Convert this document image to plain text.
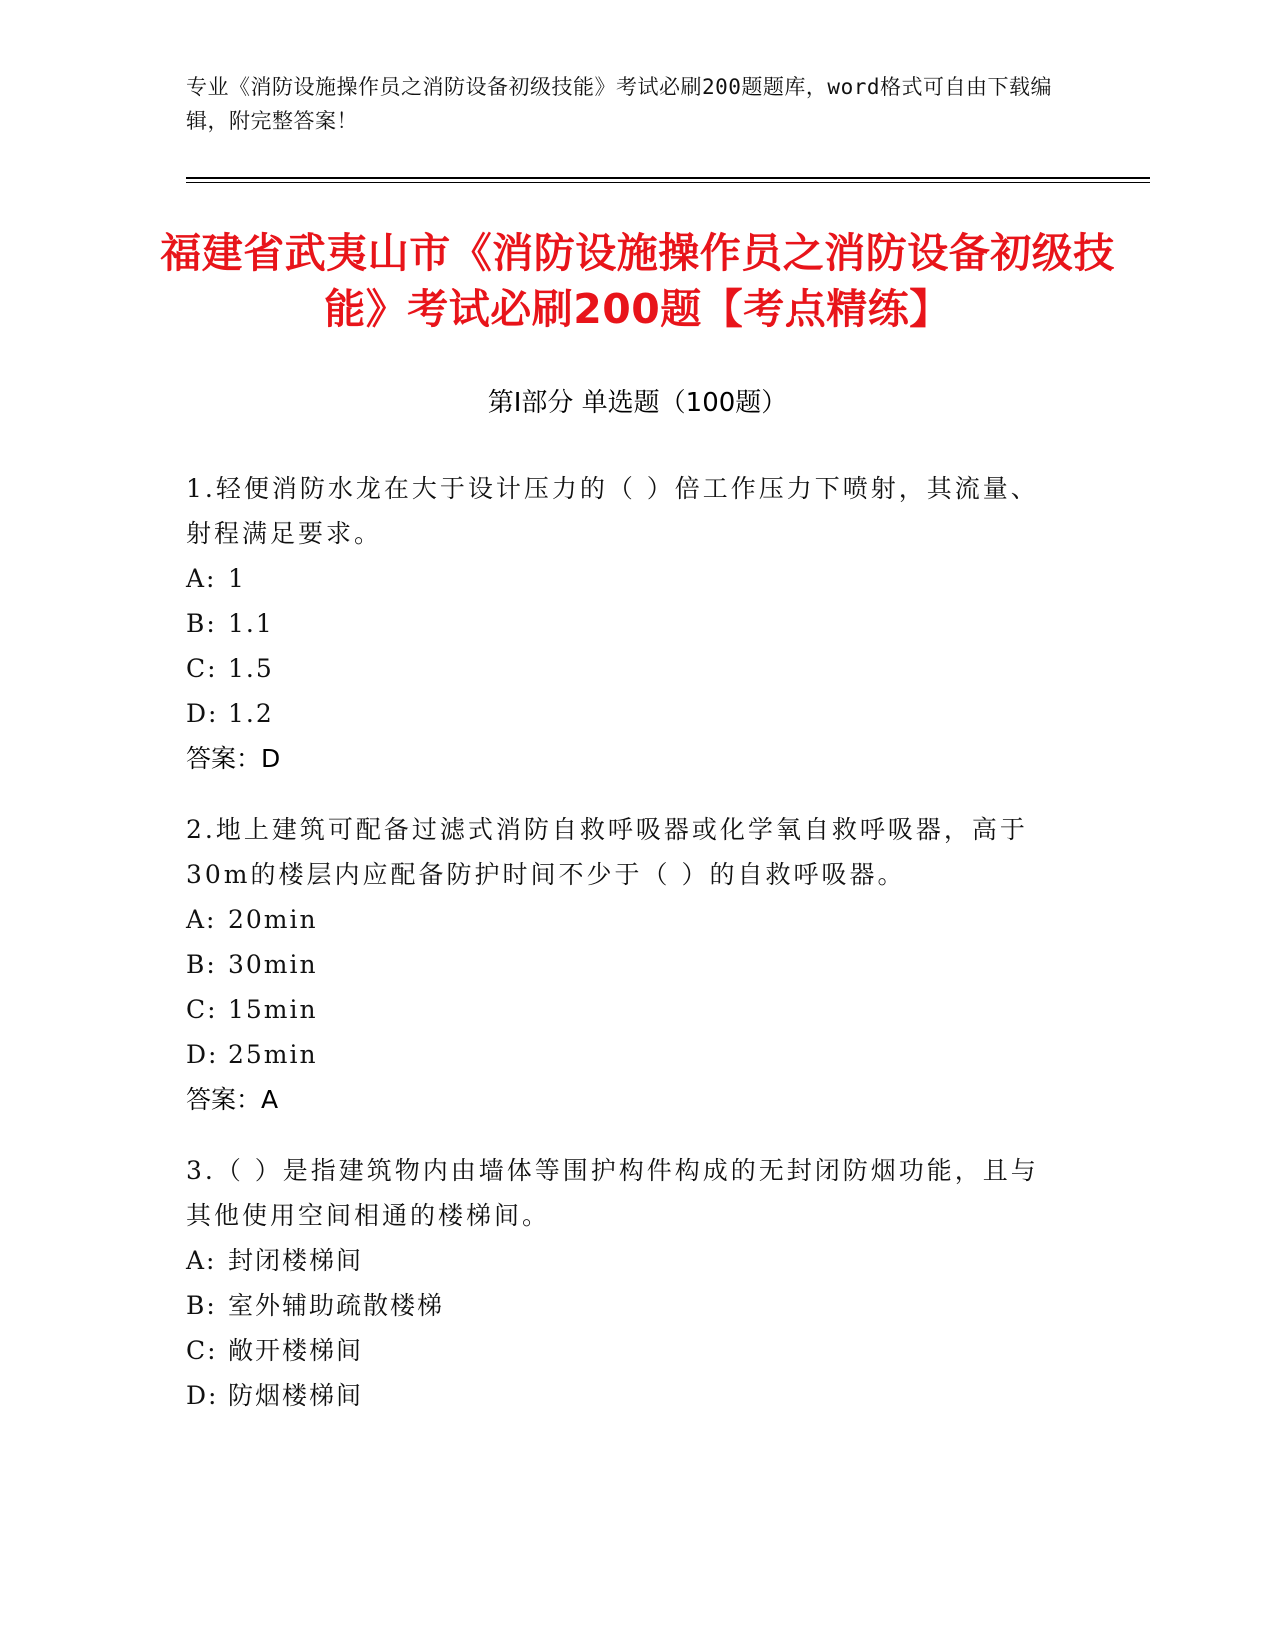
专业《消防设施操作员之消防设备初级技能》考试必刷200题题库，word格式可自由下载编辑，附完整答案！
福建省武夷山市《消防设施操作员之消防设备初级技能》考试必刷200题【考点精练】
第Ⅰ部分 单选题（100题）

1.轻便消防水龙在大于设计压力的（ ）倍工作压力下喷射，其流量、射程满足要求。

A: 1
B: 1.1
C: 1.5
D: 1.2
答案：D

2.地上建筑可配备过滤式消防自救呼吸器或化学氧自救呼吸器，高于30m的楼层内应配备防护时间不少于（ ）的自救呼吸器。

A: 20min
B: 30min
C: 15min
D: 25min
答案：A

3.（ ）是指建筑物内由墙体等围护构件构成的无封闭防烟功能，且与其他使用空间相通的楼梯间。

A: 封闭楼梯间
B: 室外辅助疏散楼梯
C: 敞开楼梯间
D: 防烟楼梯间
